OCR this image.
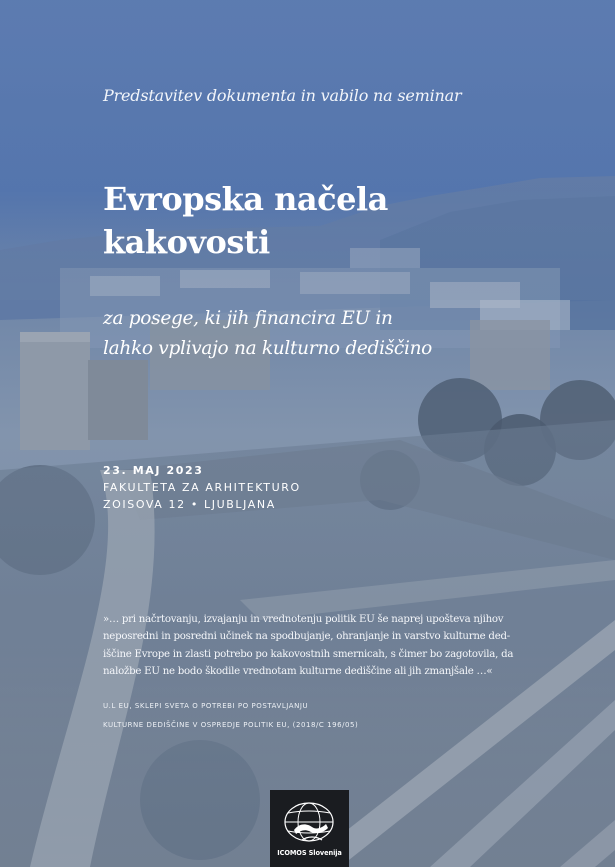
Predstavitev dokumenta in vabilo na seminar
Evropska načela
kakovosti
za posege, ki jih financira EU in
lahko vplivajo na kulturno dediščino
23. MAJ 2023
FAKULTETA ZA ARHITEKTURO
ZOISOVA 12 • LJUBLJANA
»… pri načrtovanju, izvajanju in vrednotenju politik EU še naprej upošteva njihov
neposredni in posredni učinek na spodbujanje, ohranjanje in varstvo kulturne ded-
iščine Evrope in zlasti potrebo po kakovostnih smernicah, s čimer bo zagotovila, da
naložbe EU ne bodo škodile vrednotam kulturne dediščine ali jih zmanjšale …«
U.L EU, SKLEPI SVETA O POTREBI PO POSTAVLJANJU
KULTURNE DEDIŠČINE V OSPREDJE POLITIK EU, (2018/C 196/05)
ICOMOS Slovenija
